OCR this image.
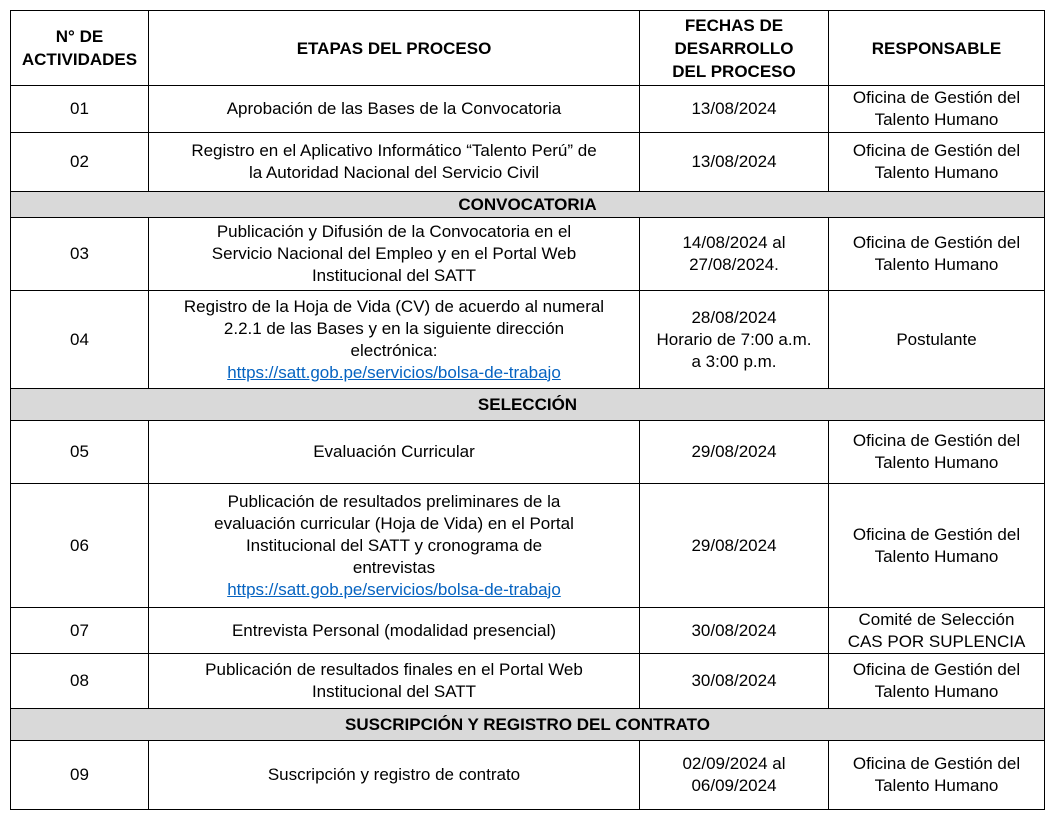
N° DE
ACTIVIDADES	ETAPAS DEL PROCESO	FECHAS DE
DESARROLLO
DEL PROCESO	RESPONSABLE
01	Aprobación de las Bases de la Convocatoria	13/08/2024	Oficina de Gestión del
Talento Humano

02	Registro en el Aplicativo Informático “Talento Perú” de
la Autoridad Nacional del Servicio Civil	13/08/2024	Oficina de Gestión del
Talento Humano

CONVOCATORIA			
03	Publicación y Difusión de la Convocatoria en el
Servicio Nacional del Empleo y en el Portal Web
Institucional del SATT	14/08/2024 al
27/08/2024.	Oficina de Gestión del
Talento Humano

04	Registro de la Hoja de Vida (CV) de acuerdo al numeral
2.2.1 de las Bases y en la siguiente dirección
electrónica:
https://satt.gob.pe/servicios/bolsa-de-trabajo	28/08/2024
Horario de 7:00 a.m.
a 3:00 p.m.	Postulante

SELECCIÓN			
05	Evaluación Curricular	29/08/2024	Oficina de Gestión del
Talento Humano

06	Publicación de resultados preliminares de la
evaluación curricular (Hoja de Vida) en el Portal
Institucional del SATT y cronograma de
entrevistas
https://satt.gob.pe/servicios/bolsa-de-trabajo	29/08/2024	Oficina de Gestión del
Talento Humano

07	Entrevista Personal (modalidad presencial)	30/08/2024	Comité de Selección
CAS POR SUPLENCIA

08	Publicación de resultados finales en el Portal Web
Institucional del SATT	30/08/2024	Oficina de Gestión del
Talento Humano

SUSCRIPCIÓN Y REGISTRO DEL CONTRATO			
09	Suscripción y registro de contrato	02/09/2024 al
06/09/2024	Oficina de Gestión del
Talento Humano
